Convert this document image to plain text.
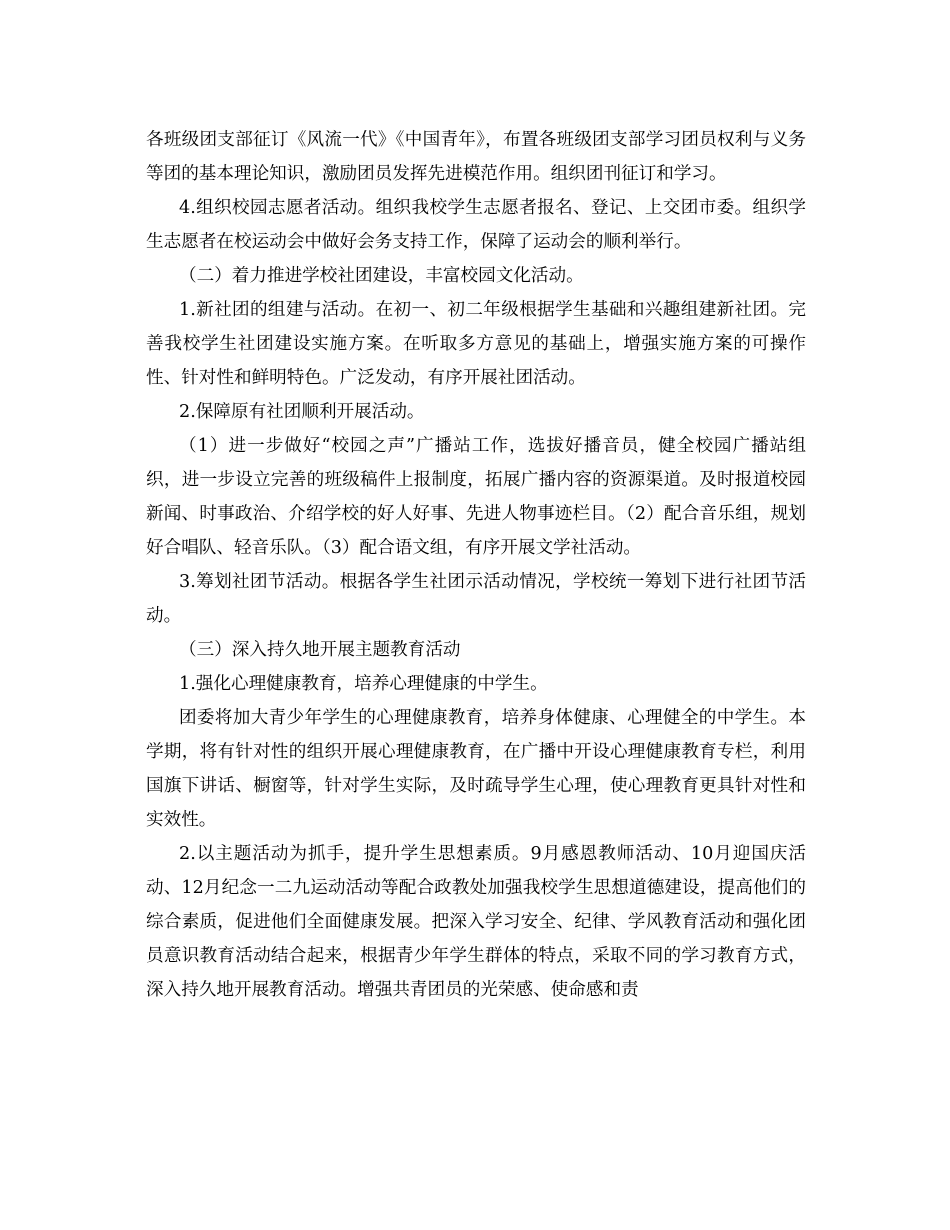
各班级团支部征订《风流一代》《中国青年》，布置各班级团支部学习团员权利与义务等团的基本理论知识，激励团员发挥先进模范作用。组织团刊征订和学习。

4.组织校园志愿者活动。组织我校学生志愿者报名、登记、上交团市委。组织学生志愿者在校运动会中做好会务支持工作，保障了运动会的顺利举行。

（二）着力推进学校社团建设，丰富校园文化活动。

1.新社团的组建与活动。在初一、初二年级根据学生基础和兴趣组建新社团。完善我校学生社团建设实施方案。在听取多方意见的基础上，增强实施方案的可操作性、针对性和鲜明特色。广泛发动，有序开展社团活动。

2.保障原有社团顺利开展活动。

（1）进一步做好“校园之声”广播站工作，选拔好播音员，健全校园广播站组织，进一步设立完善的班级稿件上报制度，拓展广播内容的资源渠道。及时报道校园新闻、时事政治、介绍学校的好人好事、先进人物事迹栏目。（2）配合音乐组，规划好合唱队、轻音乐队。（3）配合语文组，有序开展文学社活动。

3.筹划社团节活动。根据各学生社团示活动情况，学校统一筹划下进行社团节活动。

（三）深入持久地开展主题教育活动

1.强化心理健康教育，培养心理健康的中学生。

团委将加大青少年学生的心理健康教育，培养身体健康、心理健全的中学生。本学期，将有针对性的组织开展心理健康教育，在广播中开设心理健康教育专栏，利用国旗下讲话、橱窗等，针对学生实际，及时疏导学生心理，使心理教育更具针对性和实效性。

2.以主题活动为抓手，提升学生思想素质。9月感恩教师活动、10月迎国庆活动、12月纪念一二九运动活动等配合政教处加强我校学生思想道德建设，提高他们的综合素质，促进他们全面健康发展。把深入学习安全、纪律、学风教育活动和强化团员意识教育活动结合起来，根据青少年学生群体的特点，采取不同的学习教育方式，深入持久地开展教育活动。增强共青团员的光荣感、使命感和责
